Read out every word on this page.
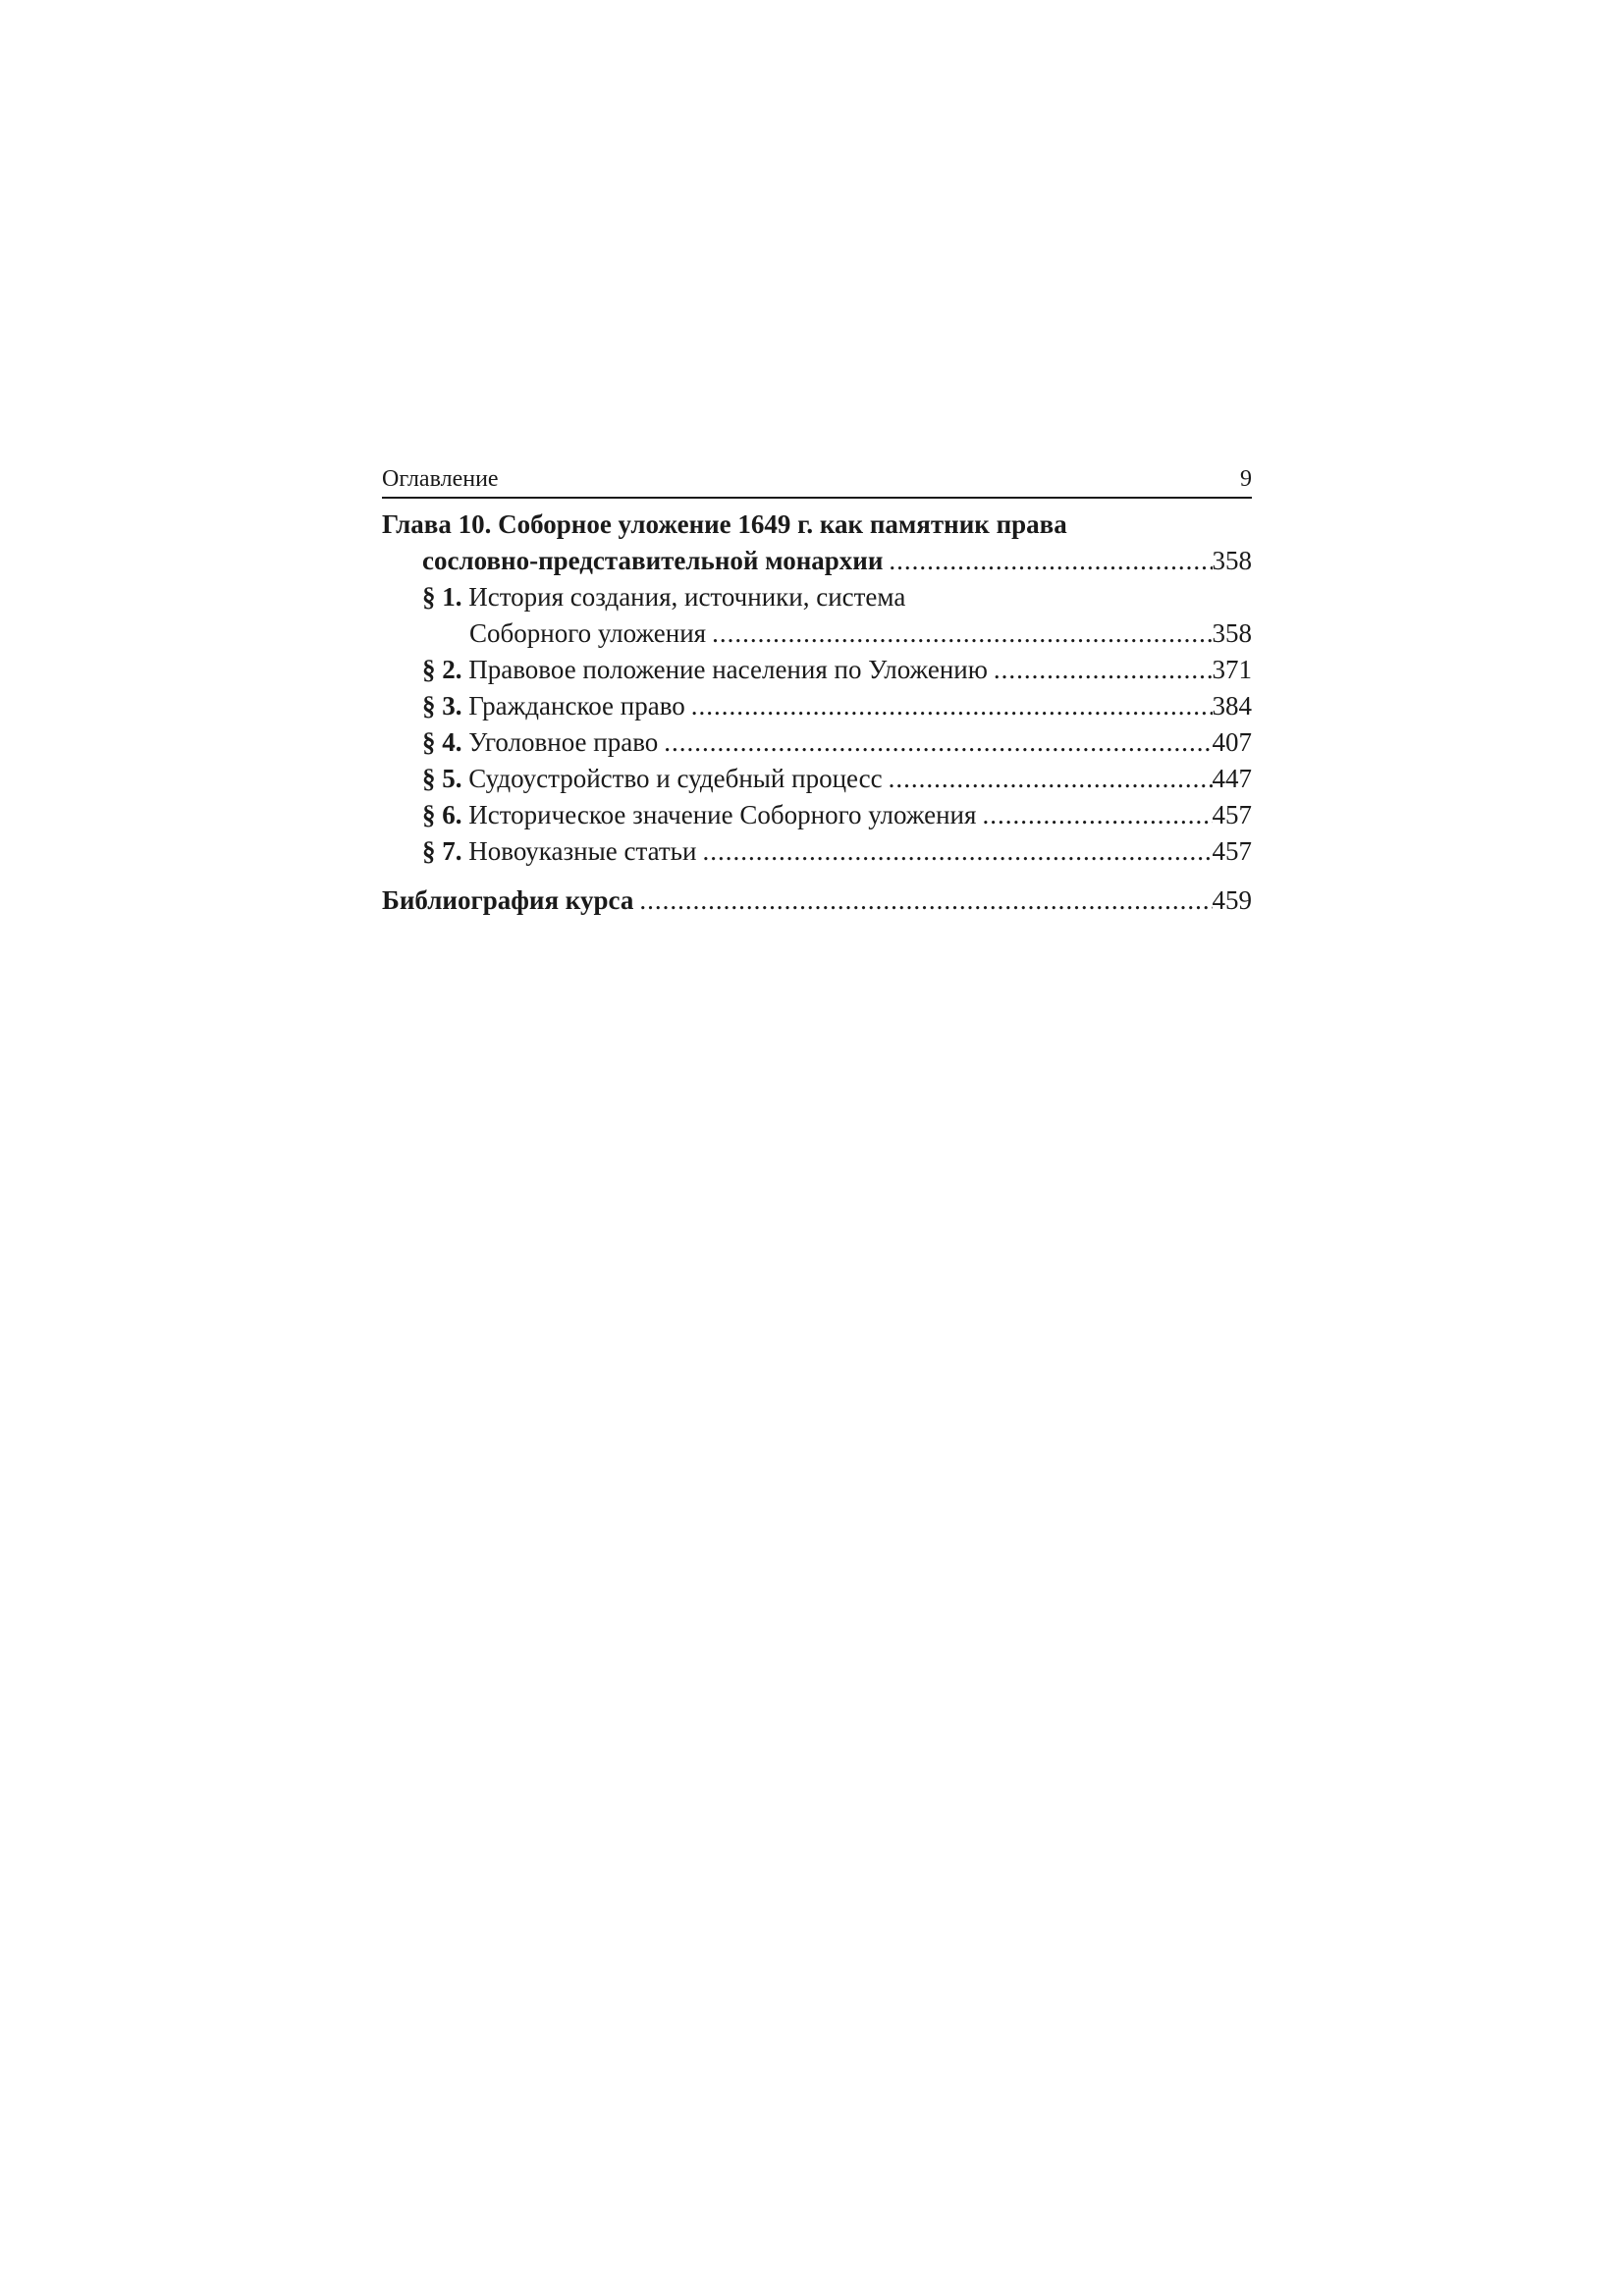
Оглавление	9
Глава 10. Соборное уложение 1649 г. как памятник права
сословно-представительной монархии .....	358
§ 1. История создания, источники, система
Соборного уложения .....	358
§ 2. Правовое положение населения по Уложению .....	371
§ 3. Гражданское право .....	384
§ 4. Уголовное право .....	407
§ 5. Судоустройство и судебный процесс .....	447
§ 6. Историческое значение Соборного уложения .....	457
§ 7. Новоуказные статьи .....	457
Библиография курса .....	459
